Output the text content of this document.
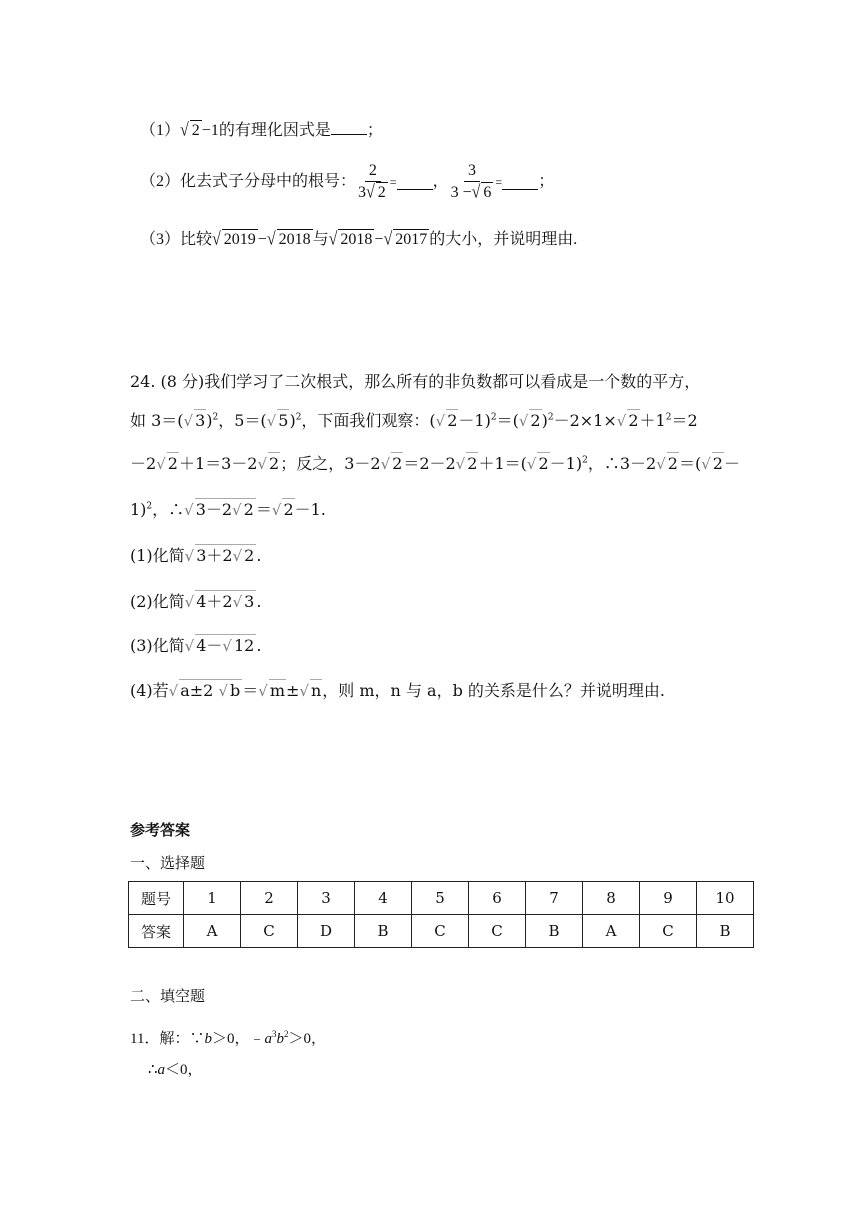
（1）√ 2 −1的有理化因式是 ；
（2）化去式子分母中的根号： $\frac{2}{3√ 2}$ = ， $\frac{3}{3 -√ 6}$ = ；
（3）比较√ 2019 −√ 2018 与√ 2018 −√ 2017 的大小，并说明理由.
24. (8 分)我们学习了二次根式，那么所有的非负数都可以看成是一个数的平方，
如 3＝(√ 3)$^2$，5＝(√ 5)$^2$，下面我们观察：(√ 2－1)$^2$＝(√ 2)$^2$－2×1×√ $2+1^2=2$
－2√ 2＋1＝3－2√ 2；反之，3－2√ 2＝2－2√ 2＋1＝(√ 2－1)$^2$，∴3－2√ 2＝(√ 2－
1)$^2$，∴√ 3－2√ 2 ＝√ 2－1.
(1)化简√ 3＋2√ 2 .
(2)化简√ 4＋2√ 3 .
(3)化简√ 4－√ 12 .
(4)若√ a±2 √ b ＝√ m±√ n，则 m，n 与 a，b 的关系是什么？并说明理由.
参考答案
一、选择题
题号	1	2	3	4	5	6	7	8	9	10
答案	A	C	D	B	C	C	B	A	C	B
二、填空题
11．解：∵b＞0，$﹣a^3b^2>0$，
∴a＜0，
